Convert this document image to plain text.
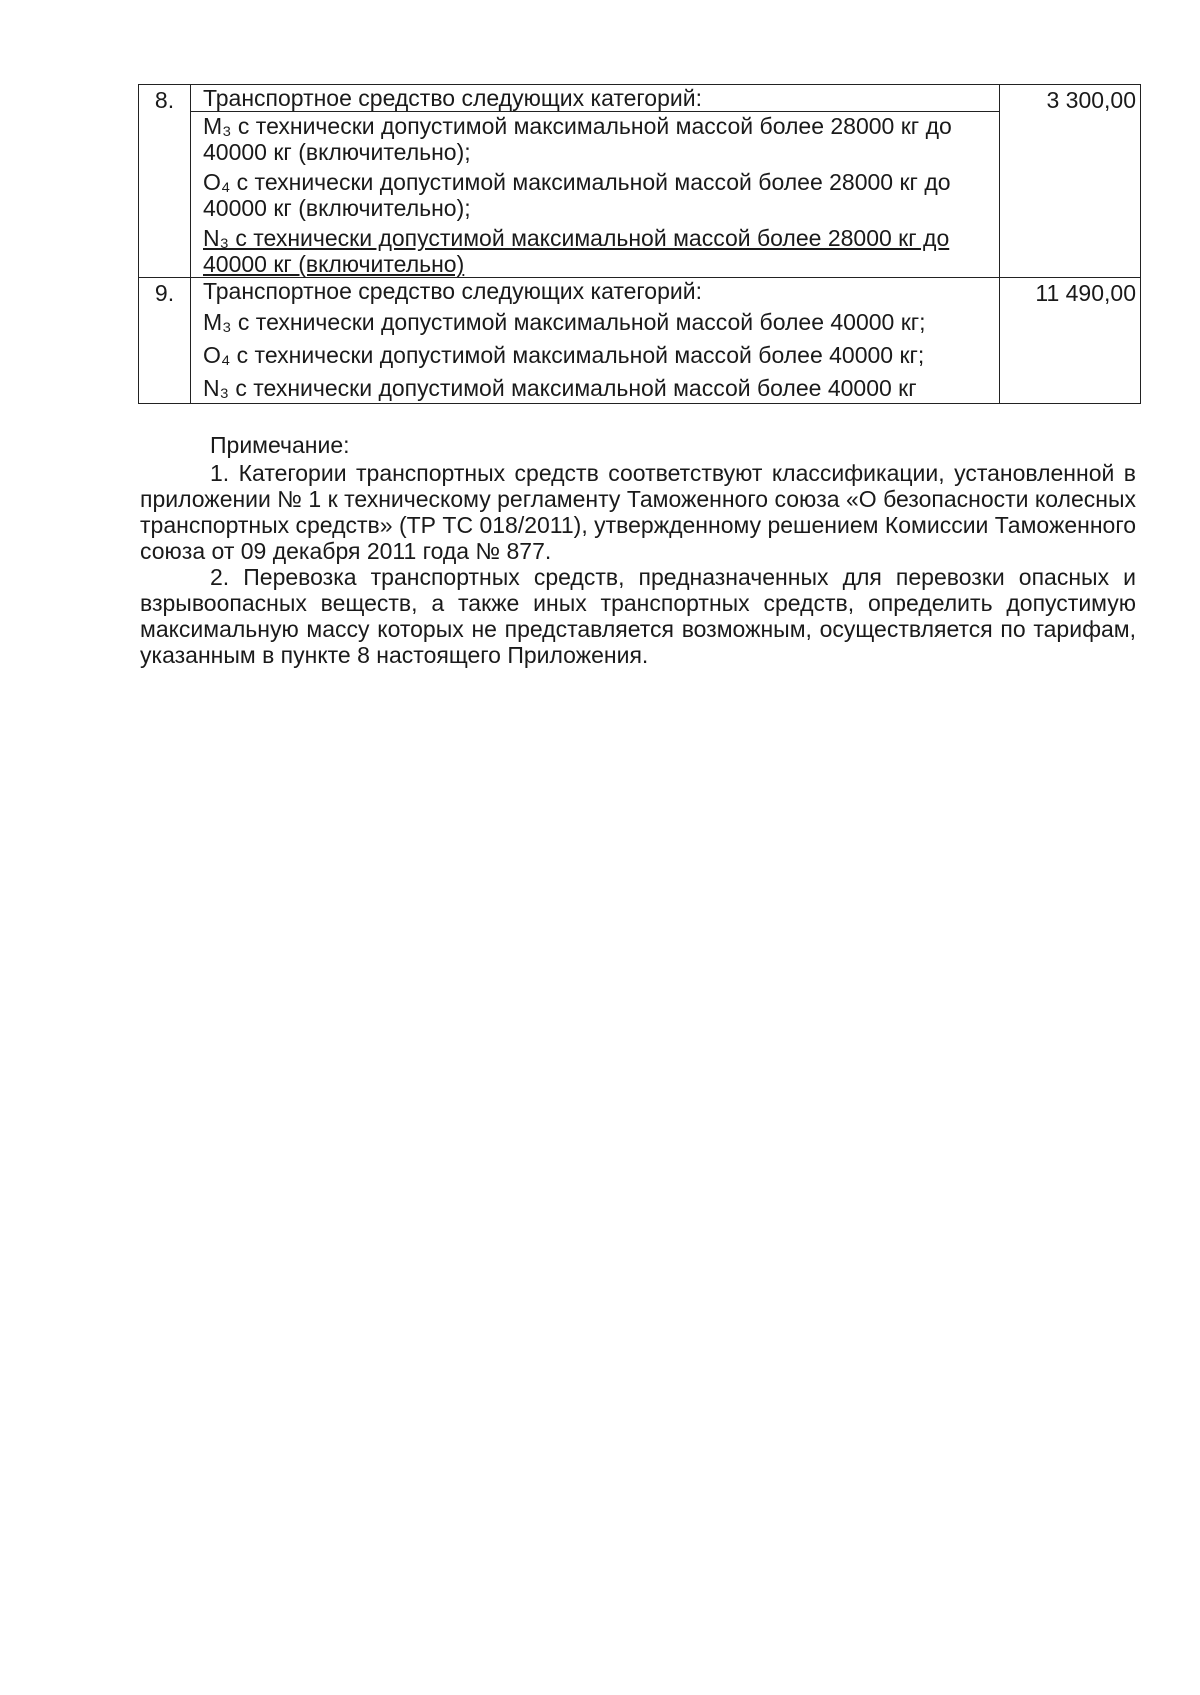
8.	Транспортное средство следующих категорий:
M₃ с технически допустимой максимальной массой более 28000 кг до 40000 кг (включительно);
O₄ с технически допустимой максимальной массой более 28000 кг до 40000 кг (включительно);
N₃ с технически допустимой максимальной массой более 28000 кг до 40000 кг (включительно)	3 300,00
9.	Транспортное средство следующих категорий:
M₃ с технически допустимой максимальной массой более 40000 кг;
O₄ с технически допустимой максимальной массой более 40000 кг;
N₃ с технически допустимой максимальной массой более 40000 кг	11 490,00
Примечание:

1. Категории транспортных средств соответствуют классификации, установленной в приложении № 1 к техническому регламенту Таможенного союза «О безопасности колесных транспортных средств» (ТР ТС 018/2011), утвержденному решением Комиссии Таможенного союза от 09 декабря 2011 года № 877.

2. Перевозка транспортных средств, предназначенных для перевозки опасных и взрывоопасных веществ, а также иных транспортных средств, определить допустимую максимальную массу которых не представляется возможным, осуществляется по тарифам, указанным в пункте 8 настоящего Приложения.
